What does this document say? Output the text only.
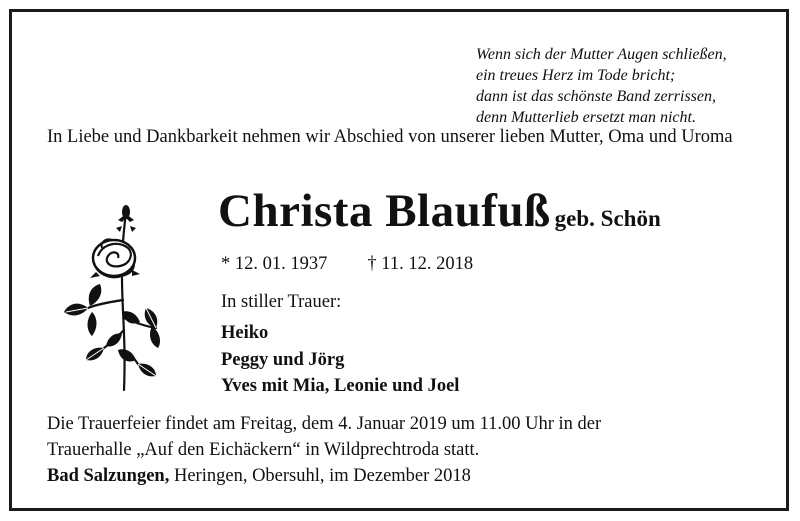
Wenn sich der Mutter Augen schließen,
ein treues Herz im Tode bricht;
dann ist das schönste Band zerrissen,
denn Mutterlieb ersetzt man nicht.
In Liebe und Dankbarkeit nehmen wir Abschied von unserer lieben Mutter, Oma und Uroma
Christa Blaufuß geb. Schön
* 12. 01. 1937 † 11. 12. 2018
In stiller Trauer:
Heiko
Peggy und Jörg
Yves mit Mia, Leonie und Joel
Die Trauerfeier findet am Freitag, dem 4. Januar 2019 um 11.00 Uhr in der
Trauerhalle „Auf den Eichäckern“ in Wildprechtroda statt.
Bad Salzungen, Heringen, Obersuhl, im Dezember 2018
